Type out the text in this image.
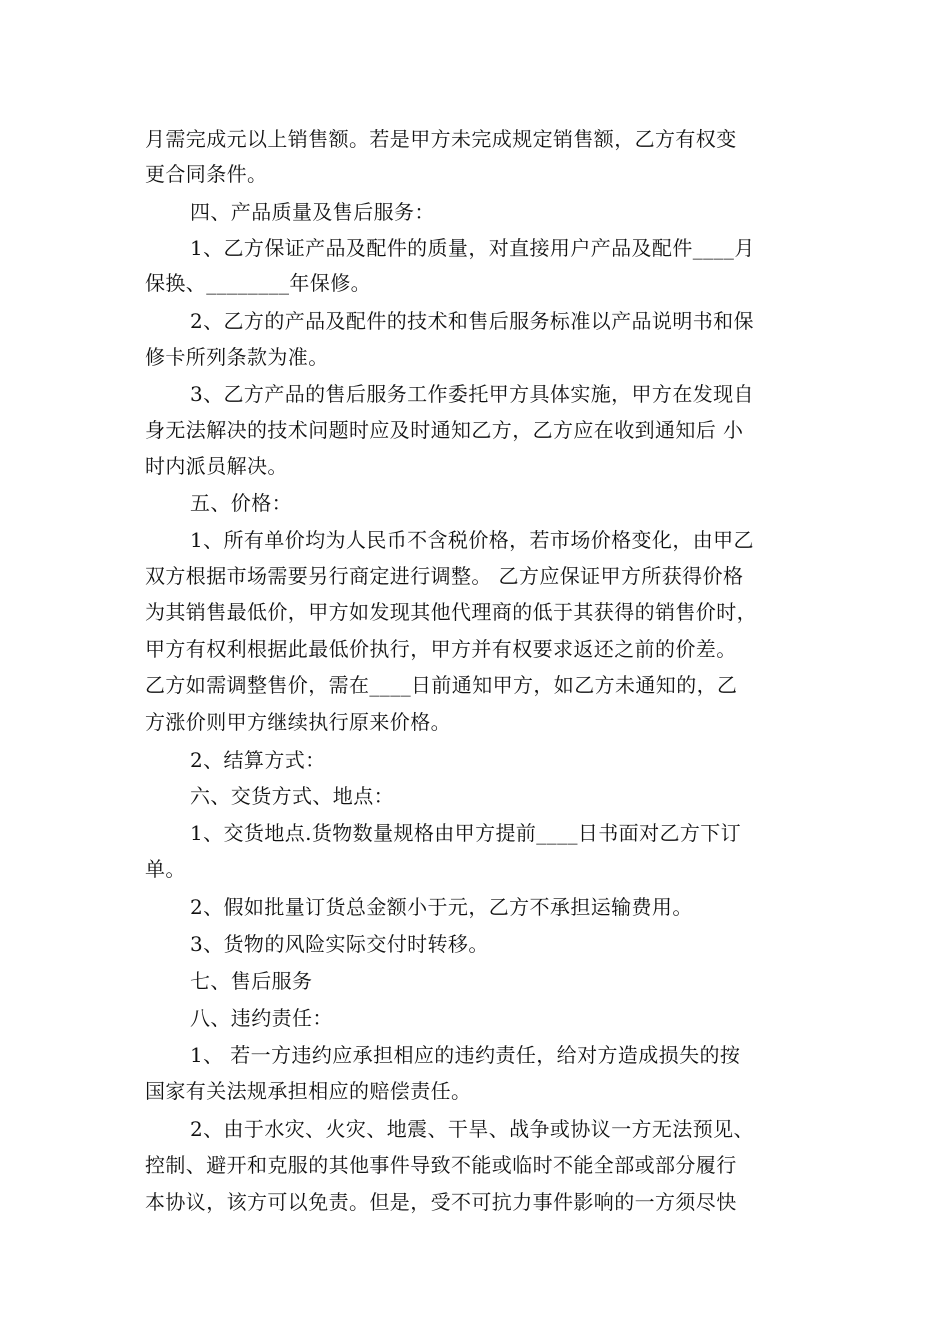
月需完成元以上销售额。若是甲方未完成规定销售额，乙方有权变
更合同条件。
四、产品质量及售后服务：
1、乙方保证产品及配件的质量，对直接用户产品及配件____月
保换、________年保修。
2、乙方的产品及配件的技术和售后服务标准以产品说明书和保
修卡所列条款为准。
3、乙方产品的售后服务工作委托甲方具体实施，甲方在发现自
身无法解决的技术问题时应及时通知乙方，乙方应在收到通知后 小
时内派员解决。
五、价格：
1、所有单价均为人民币不含税价格，若市场价格变化，由甲乙
双方根据市场需要另行商定进行调整。 乙方应保证甲方所获得价格
为其销售最低价，甲方如发现其他代理商的低于其获得的销售价时，
甲方有权利根据此最低价执行，甲方并有权要求返还之前的价差。
乙方如需调整售价，需在____日前通知甲方，如乙方未通知的，乙
方涨价则甲方继续执行原来价格。
2、结算方式：
六、交货方式、地点：
1、交货地点.货物数量规格由甲方提前____日书面对乙方下订
单。
2、假如批量订货总金额小于元，乙方不承担运输费用。
3、货物的风险实际交付时转移。
七、售后服务
八、违约责任：
1、 若一方违约应承担相应的违约责任，给对方造成损失的按
国家有关法规承担相应的赔偿责任。
2、由于水灾、火灾、地震、干旱、战争或协议一方无法预见、
控制、避开和克服的其他事件导致不能或临时不能全部或部分履行
本协议，该方可以免责。但是，受不可抗力事件影响的一方须尽快
